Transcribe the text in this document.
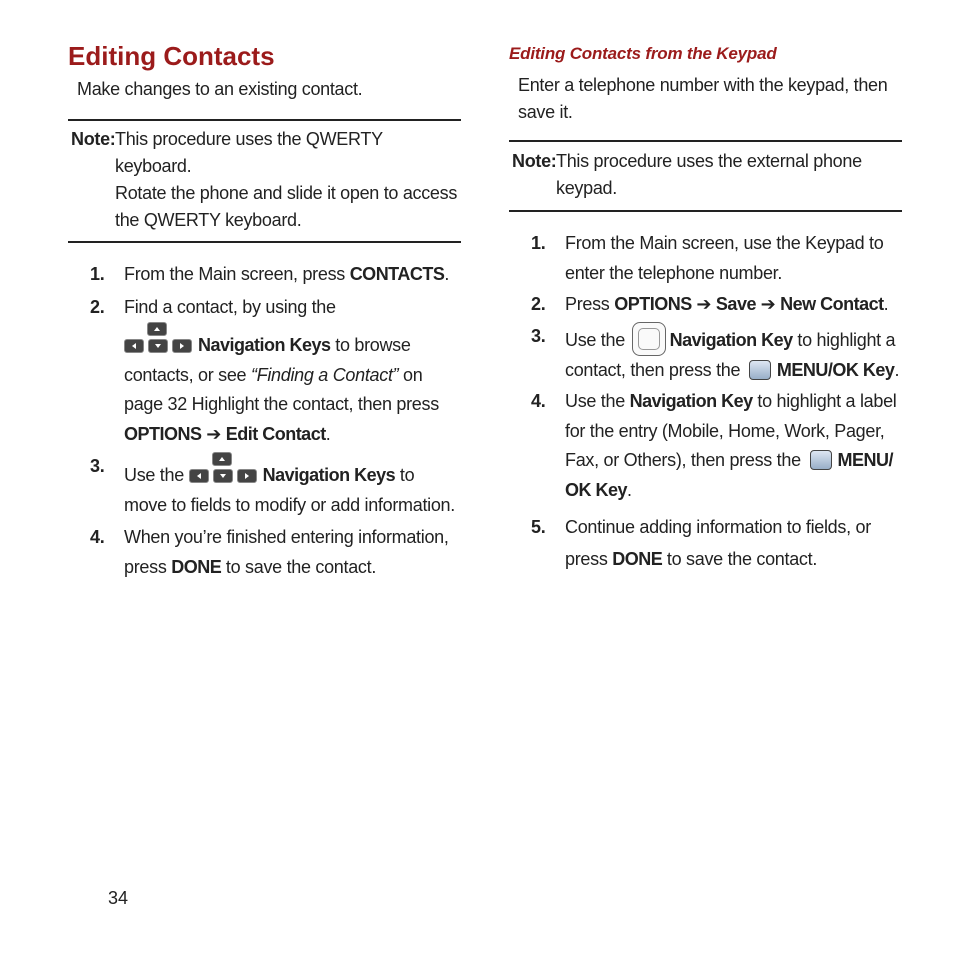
Editing Contacts

Make changes to an existing contact.

Note: This procedure uses the QWERTY keyboard.
Rotate the phone and slide it open to access
the QWERTY keyboard.
1. From the Main screen, press CONTACTS.
2. Find a contact, by using the

Navigation Keys to browse contacts, or see “Finding a Contact” on page 32 Highlight the contact, then press OPTIONS ➔ Edit Contact.
3. Use the	Navigation Keys to move to fields to modify or add information.
4. When you’re finished entering information, press DONE to save the contact.
Editing Contacts from the Keypad
Enter a telephone number with the keypad, then
save it.
Note: This procedure uses the external phone
keypad.
1. From the Main screen, use the Keypad to enter the telephone number.
2. Press OPTIONS ➔ Save ➔ New Contact.
3. Use the Navigation Key to highlight a contact, then press the MENU/OK Key.
4. Use the Navigation Key to highlight a label for the entry (Mobile, Home, Work, Pager, Fax, or Others), then press the MENU/ OK Key.
5. Continue adding information to fields, or press DONE to save the contact.
34
